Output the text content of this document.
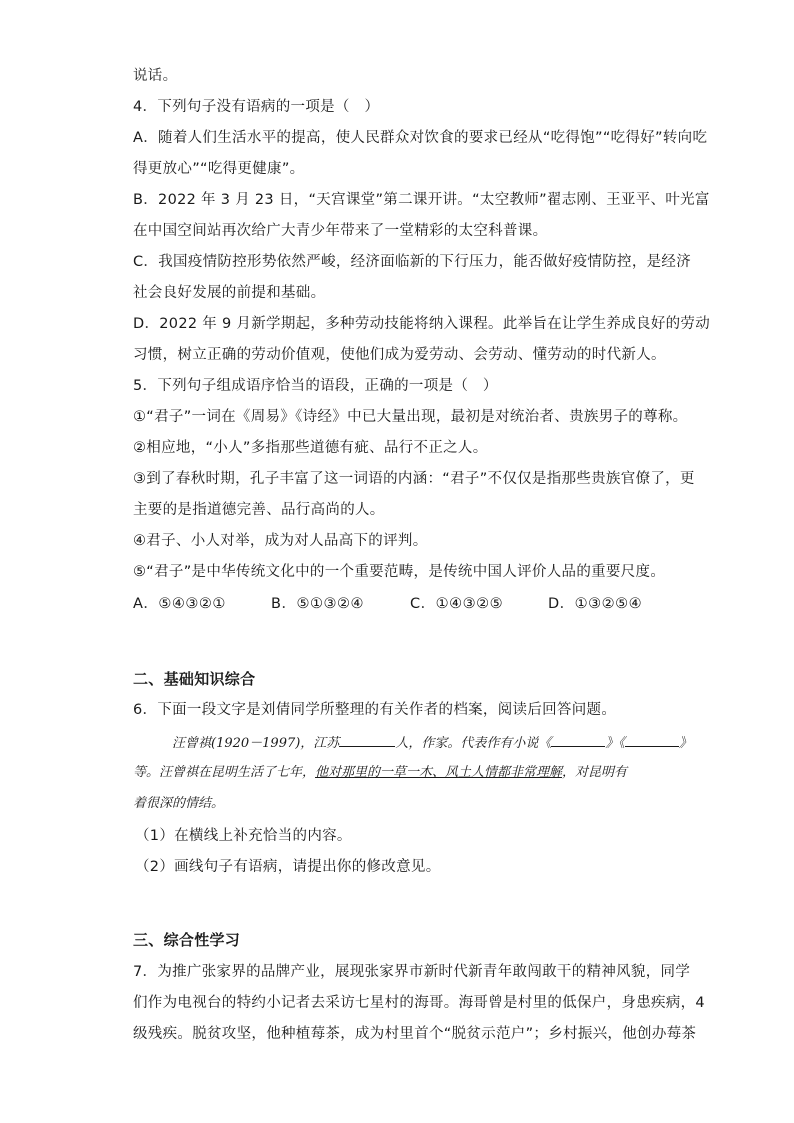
说话。
4．下列句子没有语病的一项是（　）
A．随着人们生活水平的提高，使人民群众对饮食的要求已经从“吃得饱”“吃得好”转向吃
得更放心”“吃得更健康”。
B．2022 年 3 月 23 日，“天宫课堂”第二课开讲。“太空教师”翟志刚、王亚平、叶光富
在中国空间站再次给广大青少年带来了一堂精彩的太空科普课。
C．我国疫情防控形势依然严峻，经济面临新的下行压力，能否做好疫情防控，是经济
社会良好发展的前提和基础。
D．2022 年 9 月新学期起，多种劳动技能将纳入课程。此举旨在让学生养成良好的劳动
习惯，树立正确的劳动价值观，使他们成为爱劳动、会劳动、懂劳动的时代新人。
5．下列句子组成语序恰当的语段，正确的一项是（　）
①“君子”一词在《周易》《诗经》中已大量出现，最初是对统治者、贵族男子的尊称。
②相应地，“小人”多指那些道德有疵、品行不正之人。
③到了春秋时期，孔子丰富了这一词语的内涵：“君子”不仅仅是指那些贵族官僚了，更
主要的是指道德完善、品行高尚的人。
④君子、小人对举，成为对人品高下的评判。
⑤“君子”是中华传统文化中的一个重要范畴，是传统中国人评价人品的重要尺度。
A．⑤④③②①	B．⑤①③②④	C．①④③②⑤	D．①③②⑤④
二、基础知识综合
6．下面一段文字是刘倩同学所整理的有关作者的档案，阅读后回答问题。
汪曾祺(1920－1997)，江苏	人，作家。代表作有小说《	》《	》
等。汪曾祺在昆明生活了七年，他对那里的一草一木、风土人情都非常理解，对昆明有
着很深的情结。
（1）在横线上补充恰当的内容。
（2）画线句子有语病，请提出你的修改意见。
三、综合性学习
7．为推广张家界的品牌产业，展现张家界市新时代新青年敢闯敢干的精神风貌，同学
们作为电视台的特约小记者去采访七星村的海哥。海哥曾是村里的低保户，身患疾病，4
级残疾。脱贫攻坚，他种植莓茶，成为村里首个“脱贫示范户”；乡村振兴，他创办莓茶
